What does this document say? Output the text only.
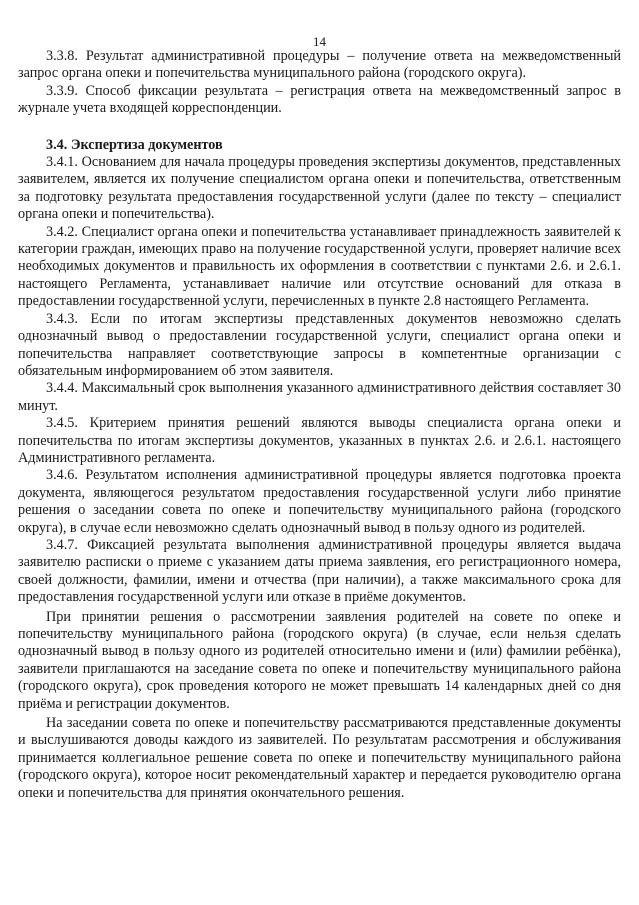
14

3.3.8. Результат административной процедуры – получение ответа на межведомственный запрос органа опеки и попечительства муниципального района (городского округа).

3.3.9. Способ фиксации результата – регистрация ответа на межведомственный запрос в журнале учета входящей корреспонденции.

3.4. Экспертиза документов

3.4.1. Основанием для начала процедуры проведения экспертизы документов, представленных заявителем, является их получение специалистом органа опеки и попечительства, ответственным за подготовку результата предоставления государственной услуги (далее по тексту – специалист органа опеки и попечительства).

3.4.2. Специалист органа опеки и попечительства устанавливает принадлежность заявителей к категории граждан, имеющих право на получение государственной услуги, проверяет наличие всех необходимых документов и правильность их оформления в соответствии с пунктами 2.6. и 2.6.1. настоящего Регламента, устанавливает наличие или отсутствие оснований для отказа в предоставлении государственной услуги, перечисленных в пункте 2.8 настоящего Регламента.

3.4.3. Если по итогам экспертизы представленных документов невозможно сделать однозначный вывод о предоставлении государственной услуги, специалист органа опеки и попечительства направляет соответствующие запросы в компетентные организации с обязательным информированием об этом заявителя.

3.4.4. Максимальный срок выполнения указанного административного действия составляет 30 минут.

3.4.5. Критерием принятия решений являются выводы специалиста органа опеки и попечительства по итогам экспертизы документов, указанных в пунктах 2.6. и 2.6.1. настоящего Административного регламента.

3.4.6. Результатом исполнения административной процедуры является подготовка проекта документа, являющегося результатом предоставления государственной услуги либо принятие решения о заседании совета по опеке и попечительству муниципального района (городского округа), в случае если невозможно сделать однозначный вывод в пользу одного из родителей.

3.4.7. Фиксацией результата выполнения административной процедуры является выдача заявителю расписки о приеме с указанием даты приема заявления, его регистрационного номера, своей должности, фамилии, имени и отчества (при наличии), а также максимального срока для предоставления государственной услуги или отказе в приёме документов.

При принятии решения о рассмотрении заявления родителей на совете по опеке и попечительству муниципального района (городского округа) (в случае, если нельзя сделать однозначный вывод в пользу одного из родителей относительно имени и (или) фамилии ребёнка), заявители приглашаются на заседание совета по опеке и попечительству муниципального района (городского округа), срок проведения которого не может превышать 14 календарных дней со дня приёма и регистрации документов.

На заседании совета по опеке и попечительству рассматриваются представленные документы и выслушиваются доводы каждого из заявителей. По результатам рассмотрения и обслуживания принимается коллегиальное решение совета по опеке и попечительству муниципального района (городского округа), которое носит рекомендательный характер и передается руководителю органа опеки и попечительства для принятия окончательного решения.
